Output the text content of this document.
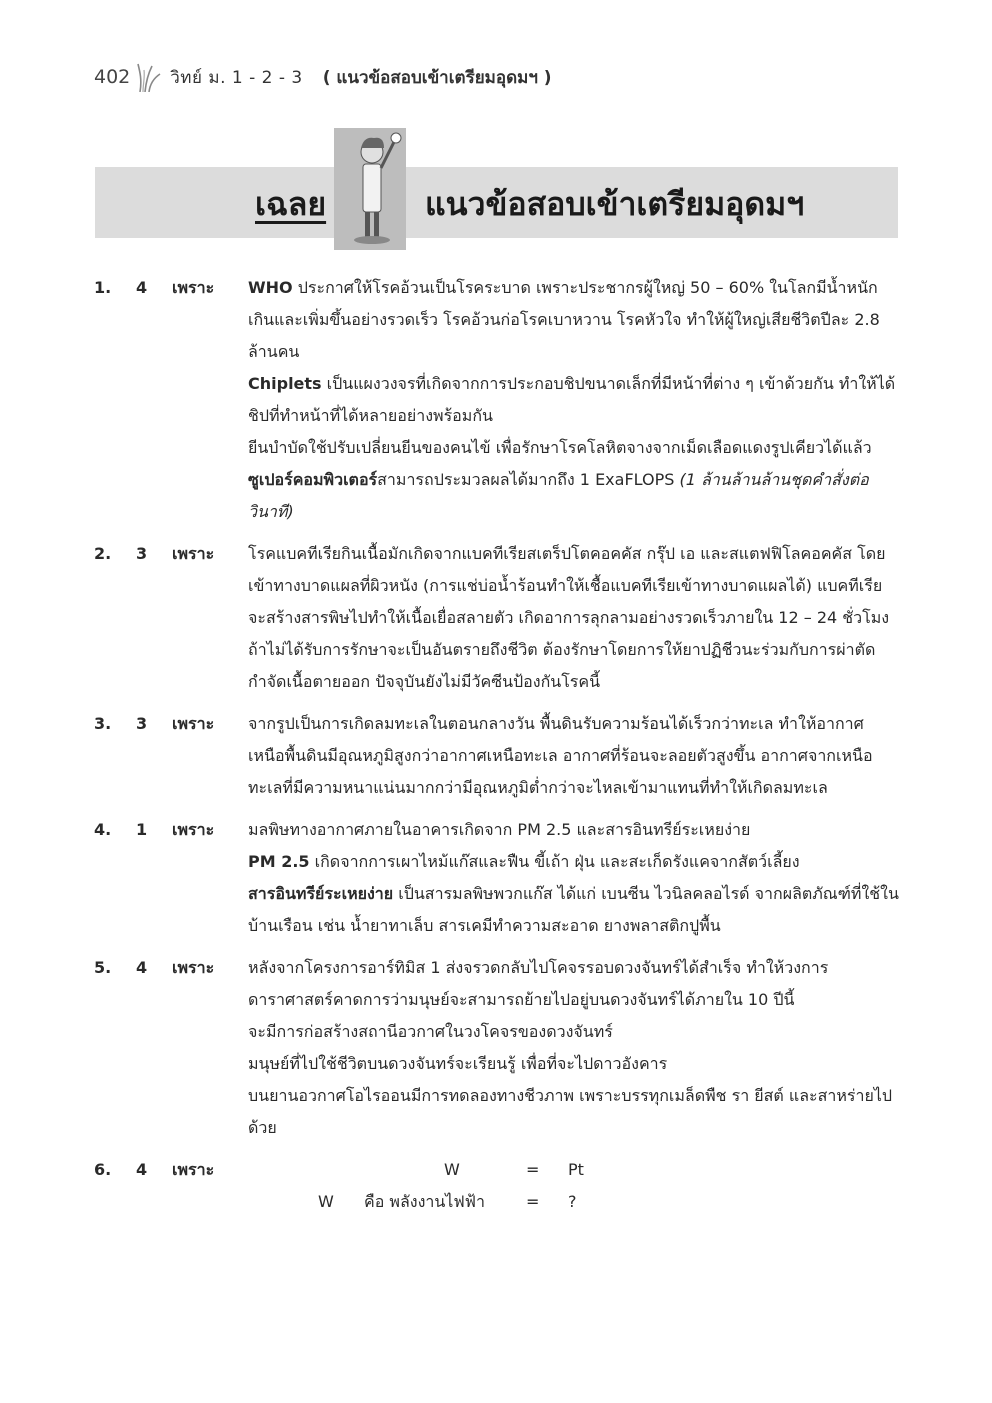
402 วิทย์ ม. 1 - 2 - 3 ( แนวข้อสอบเข้าเตรียมอุดมฯ )
เฉลย	แนวข้อสอบเข้าเตรียมอุดมฯ
1.	4	เพราะ	WHO ประกาศให้โรคอ้วนเป็นโรคระบาด เพราะประชากรผู้ใหญ่ 50 – 60% ในโลกมีน้ำหนักเกินและเพิ่มขึ้นอย่างรวดเร็ว โรคอ้วนก่อโรคเบาหวาน โรคหัวใจ ทำให้ผู้ใหญ่เสียชีวิตปีละ 2.8 ล้านคน

Chiplets เป็นแผงวงจรที่เกิดจากการประกอบชิปขนาดเล็กที่มีหน้าที่ต่าง ๆ เข้าด้วยกัน ทำให้ได้ชิปที่ทำหน้าที่ได้หลายอย่างพร้อมกัน

ยีนบำบัดใช้ปรับเปลี่ยนยีนของคนไข้ เพื่อรักษาโรคโลหิตจางจากเม็ดเลือดแดงรูปเคียวได้แล้ว

ซูเปอร์คอมพิวเตอร์สามารถประมวลผลได้มากถึง 1 ExaFLOPS (1 ล้านล้านล้านชุดคำสั่งต่อวินาที)

2.	3	เพราะ	โรคแบคทีเรียกินเนื้อมักเกิดจากแบคทีเรียสเตร็ปโตคอคคัส กรุ๊ป เอ และสแตฟฟิโลคอคคัส โดยเข้าทางบาดแผลที่ผิวหนัง (การแช่บ่อน้ำร้อนทำให้เชื้อแบคทีเรียเข้าทางบาดแผลได้) แบคทีเรียจะสร้างสารพิษไปทำให้เนื้อเยื่อสลายตัว เกิดอาการลุกลามอย่างรวดเร็วภายใน 12 – 24 ชั่วโมง ถ้าไม่ได้รับการรักษาจะเป็นอันตรายถึงชีวิต ต้องรักษาโดยการให้ยาปฏิชีวนะร่วมกับการผ่าตัดกำจัดเนื้อตายออก ปัจจุบันยังไม่มีวัคซีนป้องกันโรคนี้

3.	3	เพราะ	จากรูปเป็นการเกิดลมทะเลในตอนกลางวัน พื้นดินรับความร้อนได้เร็วกว่าทะเล ทำให้อากาศเหนือพื้นดินมีอุณหภูมิสูงกว่าอากาศเหนือทะเล อากาศที่ร้อนจะลอยตัวสูงขึ้น อากาศจากเหนือทะเลที่มีความหนาแน่นมากกว่ามีอุณหภูมิต่ำกว่าจะไหลเข้ามาแทนที่ทำให้เกิดลมทะเล

4.	1	เพราะ	มลพิษทางอากาศภายในอาคารเกิดจาก PM 2.5 และสารอินทรีย์ระเหยง่าย

PM 2.5 เกิดจากการเผาไหม้แก๊สและฟืน ขี้เถ้า ฝุ่น และสะเก็ดรังแคจากสัตว์เลี้ยง

สารอินทรีย์ระเหยง่าย เป็นสารมลพิษพวกแก๊ส ได้แก่ เบนซีน ไวนิลคลอไรด์ จากผลิตภัณฑ์ที่ใช้ในบ้านเรือน เช่น น้ำยาทาเล็บ สารเคมีทำความสะอาด ยางพลาสติกปูพื้น

5.	4	เพราะ	หลังจากโครงการอาร์ทิมิส 1 ส่งจรวดกลับไปโคจรรอบดวงจันทร์ได้สำเร็จ ทำให้วงการดาราศาสตร์คาดการว่ามนุษย์จะสามารถย้ายไปอยู่บนดวงจันทร์ได้ภายใน 10 ปีนี้

จะมีการก่อสร้างสถานีอวกาศในวงโคจรของดวงจันทร์

มนุษย์ที่ไปใช้ชีวิตบนดวงจันทร์จะเรียนรู้ เพื่อที่จะไปดาวอังคาร

บนยานอวกาศโอไรออนมีการทดลองทางชีวภาพ เพราะบรรทุกเมล็ดพืช รา ยีสต์ และสาหร่ายไปด้วย

6.	4	เพราะ	W	= Pt
W คือ พลังงานไฟฟ้า	= ?
